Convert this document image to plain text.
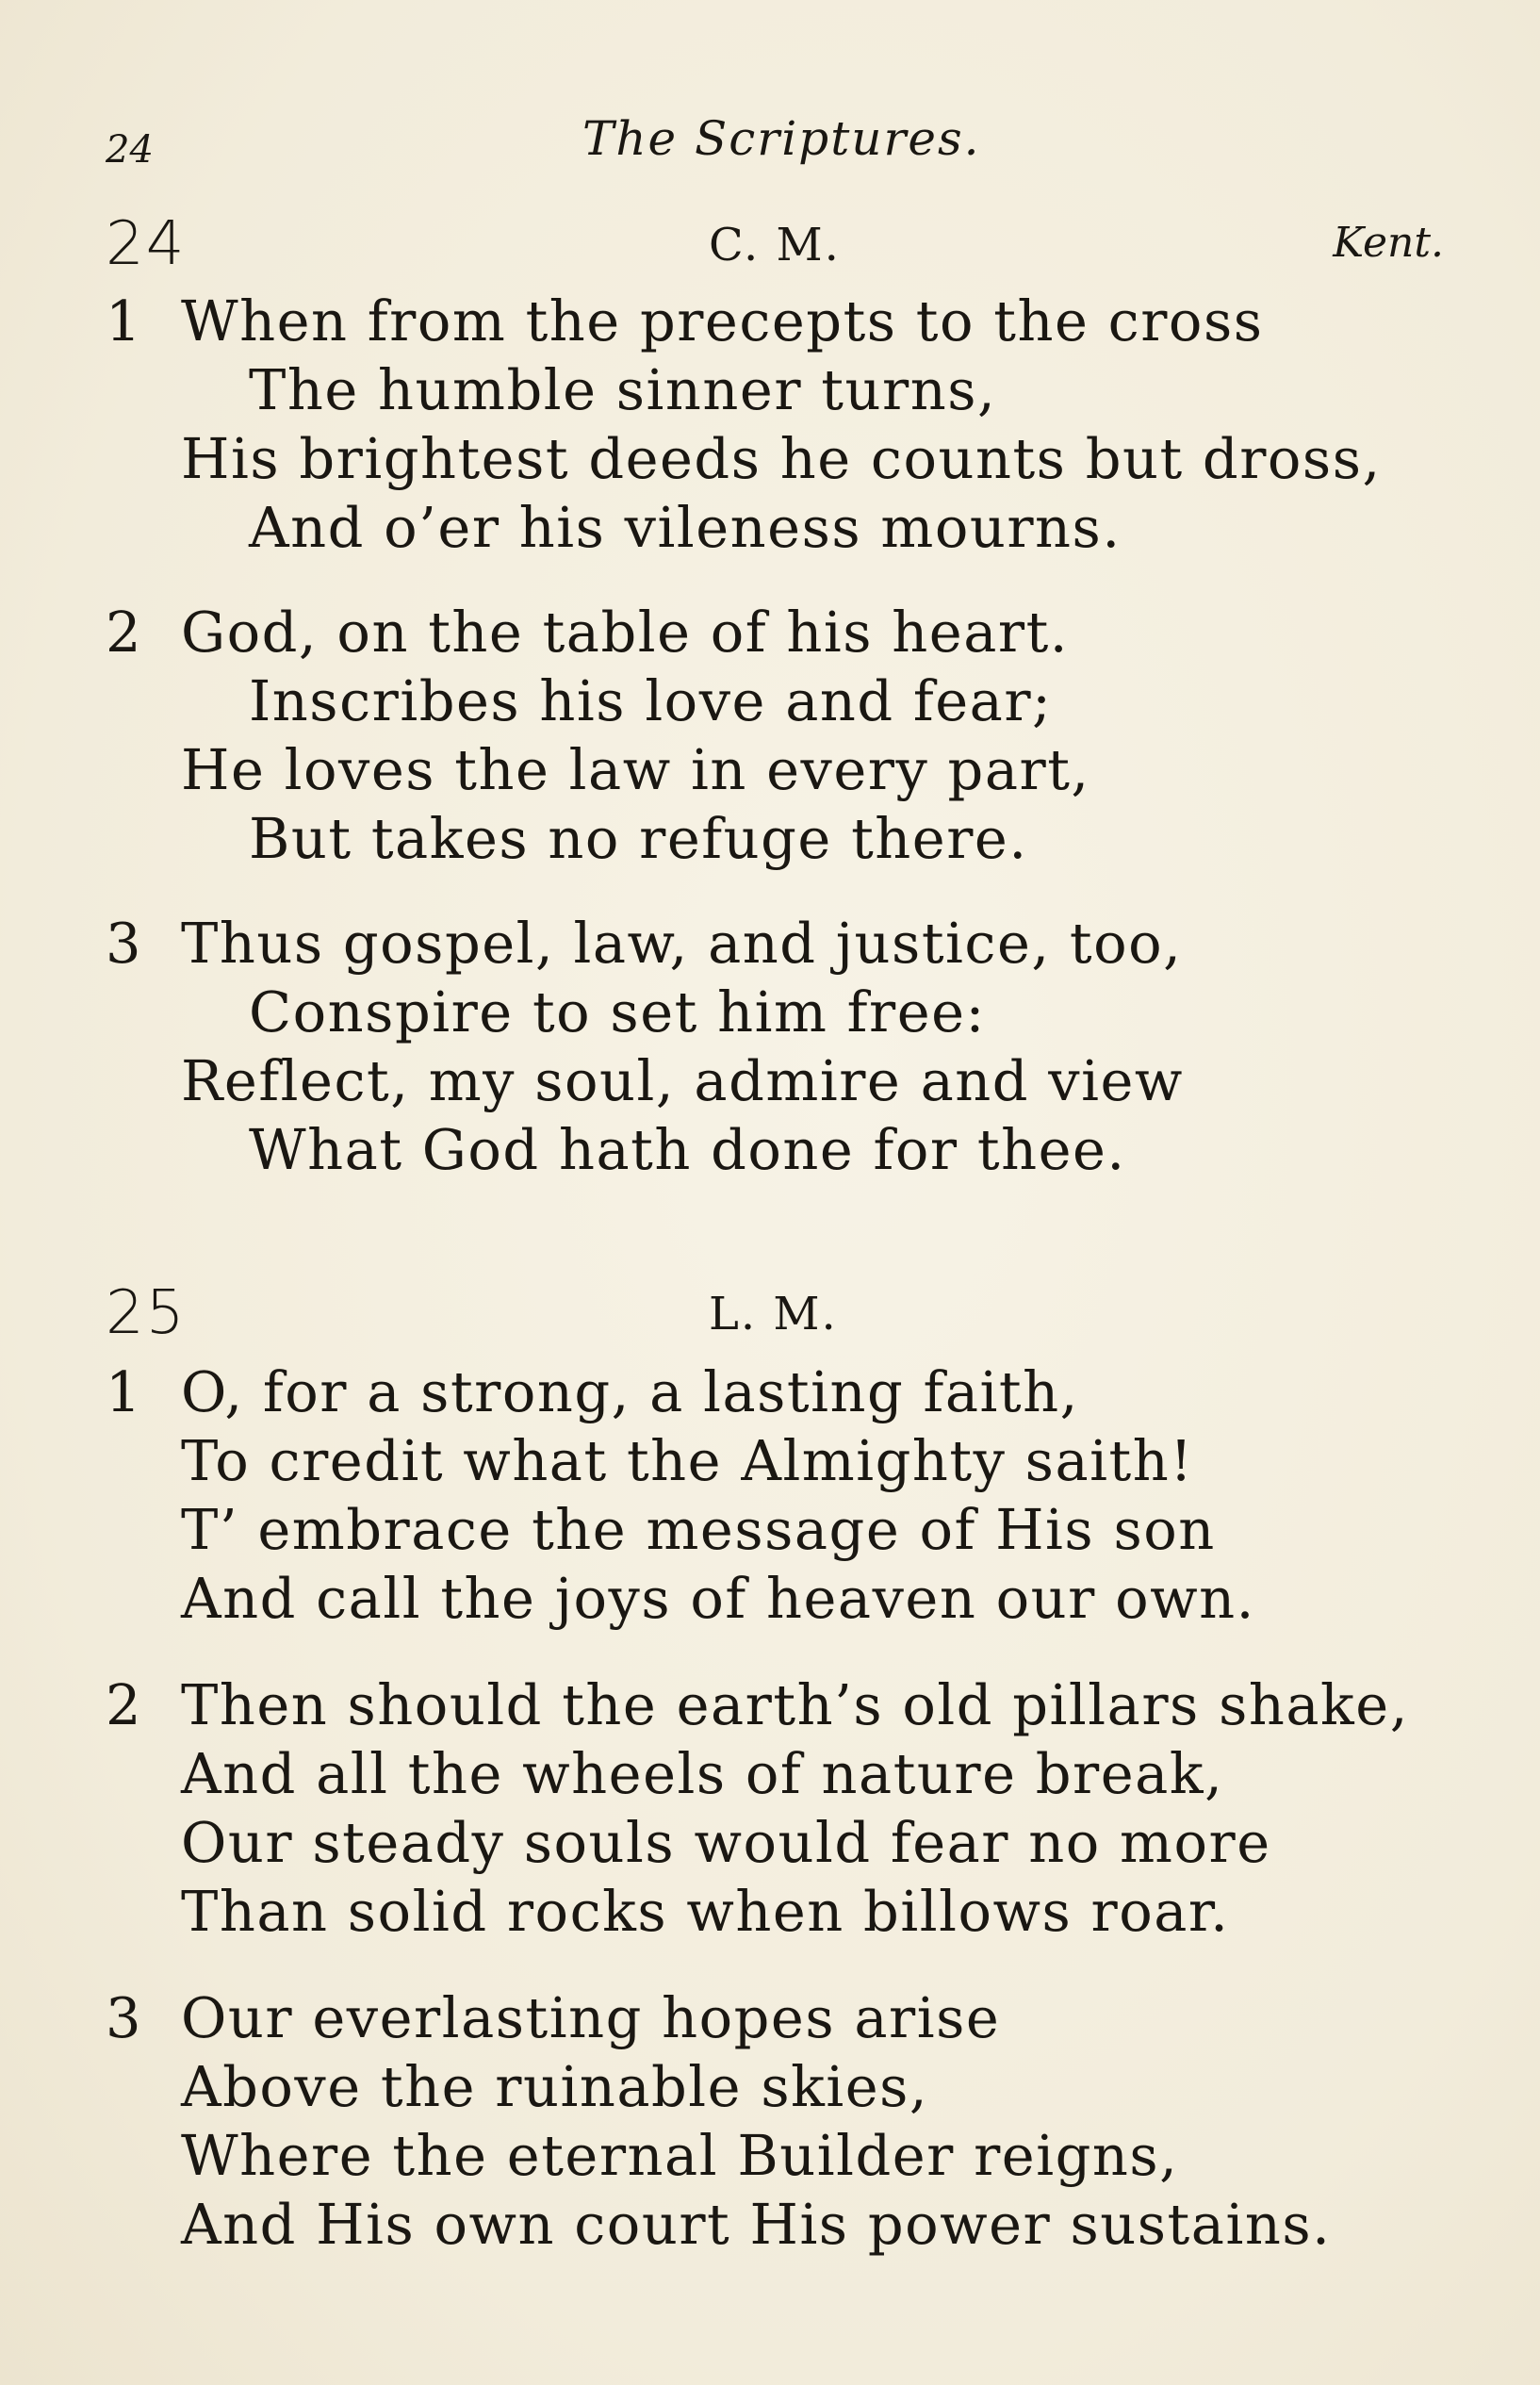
24	The Scriptures.
24	C. M.	Kent.
1 When from the precepts to the cross
The humble sinner turns,
His brightest deeds he counts but dross,
And o’er his vileness mourns.
2 God, on the table of his heart.
Inscribes his love and fear;
He loves the law in every part,
But takes no refuge there.
3 Thus gospel, law, and justice, too,
Conspire to set him free:
Reflect, my soul, admire and view
What God hath done for thee.
25	L. M.
1 O, for a strong, a lasting faith,
To credit what the Almighty saith!
T’ embrace the message of His son
And call the joys of heaven our own.
2 Then should the earth’s old pillars shake,
And all the wheels of nature break,
Our steady souls would fear no more
Than solid rocks when billows roar.
3 Our everlasting hopes arise
Above the ruinable skies,
Where the eternal Builder reigns,
And His own court His power sustains.
